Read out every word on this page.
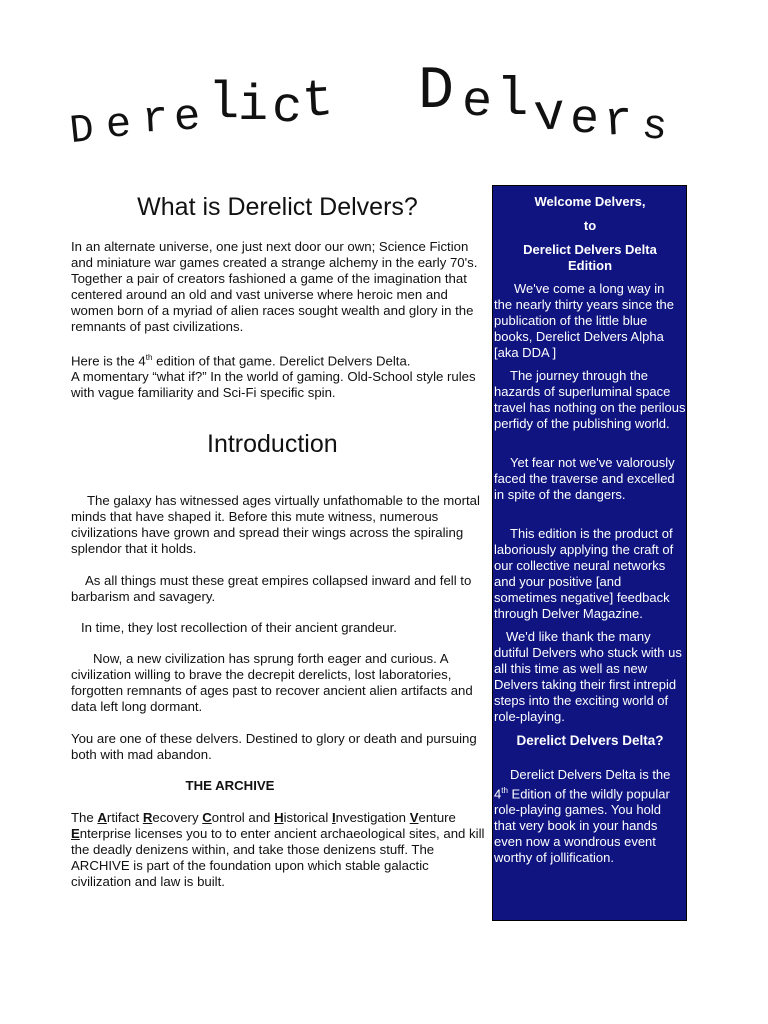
D e r e l
i c
t D e l v e r s
What is Derelict Delvers?

In an alternate universe, one just next door our own; Science Fiction and miniature war games created a strange alchemy in the early 70's. Together a pair of creators fashioned a game of the imagination that centered around an old and vast universe where heroic men and women born of a myriad of alien races sought wealth and glory in the remnants of past civilizations.

Here is the 4th edition of that game. Derelict Delvers Delta.
A momentary “what if?” In the world of gaming. Old-School style rules with vague familiarity and Sci-Fi specific spin.

Introduction

The galaxy has witnessed ages virtually unfathomable to the mortal minds that have shaped it. Before this mute witness, numerous civilizations have grown and spread their wings across the spiraling splendor that it holds.

As all things must these great empires collapsed inward and fell to barbarism and savagery.

In time, they lost recollection of their ancient grandeur.

Now, a new civilization has sprung forth eager and curious. A civilization willing to brave the decrepit derelicts, lost laboratories, forgotten remnants of ages past to recover ancient alien artifacts and data left long dormant.

You are one of these delvers. Destined to glory or death and pursuing both with mad abandon.

THE ARCHIVE

The Artifact Recovery Control and Historical Investigation Venture
Enterprise licenses you to to enter ancient archaeological sites, and kill the deadly denizens within, and take those denizens stuff. The ARCHIVE is part of the foundation upon which stable galactic civilization and law is built.

Welcome Delvers,

to

Derelict Delvers Delta Edition

We've come a long way in the nearly thirty years since the publication of the little blue books, Derelict Delvers Alpha [aka DDA ]

The journey through the hazards of superluminal space travel has nothing on the perilous perfidy of the publishing world.

Yet fear not we've valorously faced the traverse and excelled in spite of the dangers.

This edition is the product of laboriously applying the craft of our collective neural networks and your positive [and sometimes negative] feedback through Delver Magazine.

We'd like thank the many dutiful Delvers who stuck with us all this time as well as new Delvers taking their first intrepid steps into the exciting world of role-playing.

Derelict Delvers Delta?

Derelict Delvers Delta is the 4th Edition of the wildly popular role-playing games. You hold that very book in your hands even now a wondrous event worthy of jollification.
